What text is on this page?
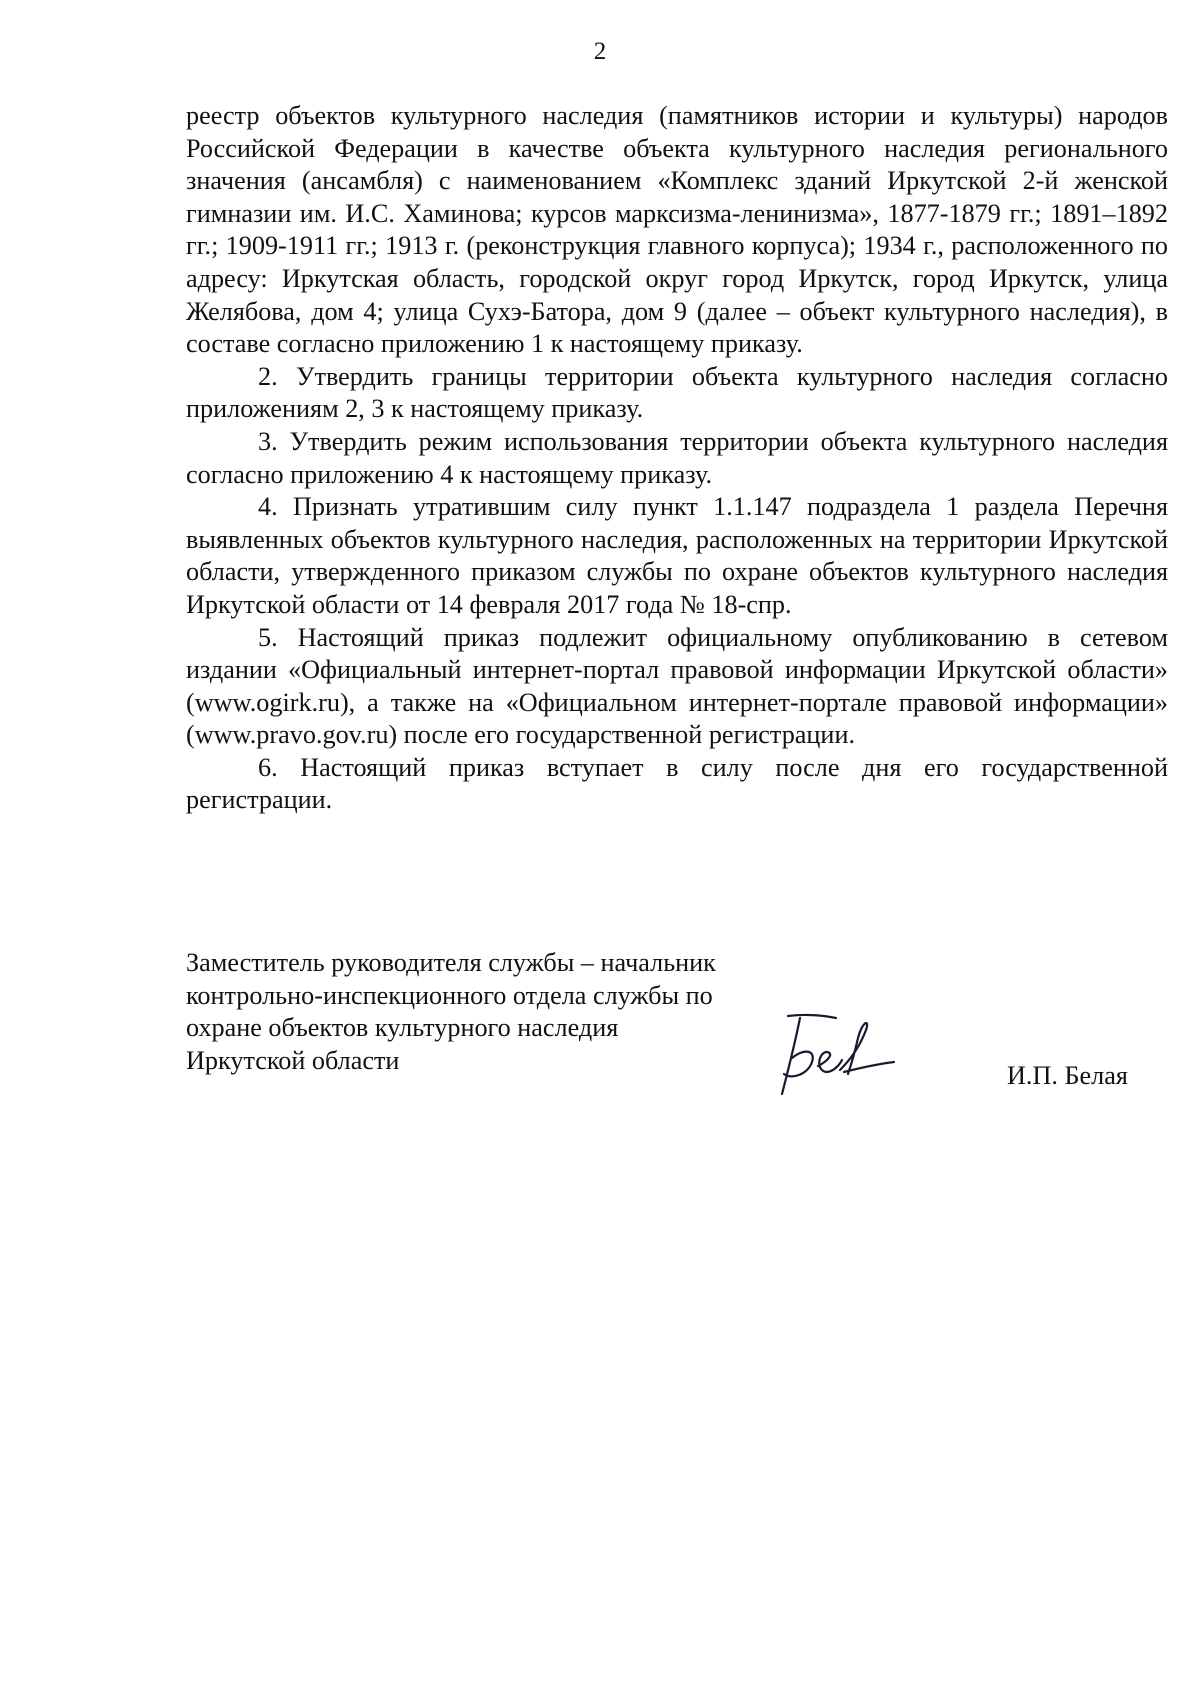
2

реестр объектов культурного наследия (памятников истории и культуры) народов Российской Федерации в качестве объекта культурного наследия регионального значения (ансамбля) с наименованием «Комплекс зданий Иркутской 2-й женской гимназии им. И.С. Хаминова; курсов марксизма-ленинизма», 1877-1879 гг.; 1891–1892 гг.; 1909-1911 гг.; 1913 г. (реконструкция главного корпуса); 1934 г., расположенного по адресу: Иркутская область, городской округ город Иркутск, город Иркутск, улица Желябова, дом 4; улица Сухэ-Батора, дом 9 (далее – объект культурного наследия), в составе согласно приложению 1 к настоящему приказу.

2. Утвердить границы территории объекта культурного наследия согласно приложениям 2, 3 к настоящему приказу.

3. Утвердить режим использования территории объекта культурного наследия согласно приложению 4 к настоящему приказу.

4. Признать утратившим силу пункт 1.1.147 подраздела 1 раздела Перечня выявленных объектов культурного наследия, расположенных на территории Иркутской области, утвержденного приказом службы по охране объектов культурного наследия Иркутской области от 14 февраля 2017 года № 18-спр.

5. Настоящий приказ подлежит официальному опубликованию в сетевом издании «Официальный интернет-портал правовой информации Иркутской области» (www.ogirk.ru), а также на «Официальном интернет-портале правовой информации» (www.pravo.gov.ru) после его государственной регистрации.

6. Настоящий приказ вступает в силу после дня его государственной регистрации.

Заместитель руководителя службы – начальник
контрольно-инспекционного отдела службы по
охране объектов культурного наследия
Иркутской области
И.П. Белая
